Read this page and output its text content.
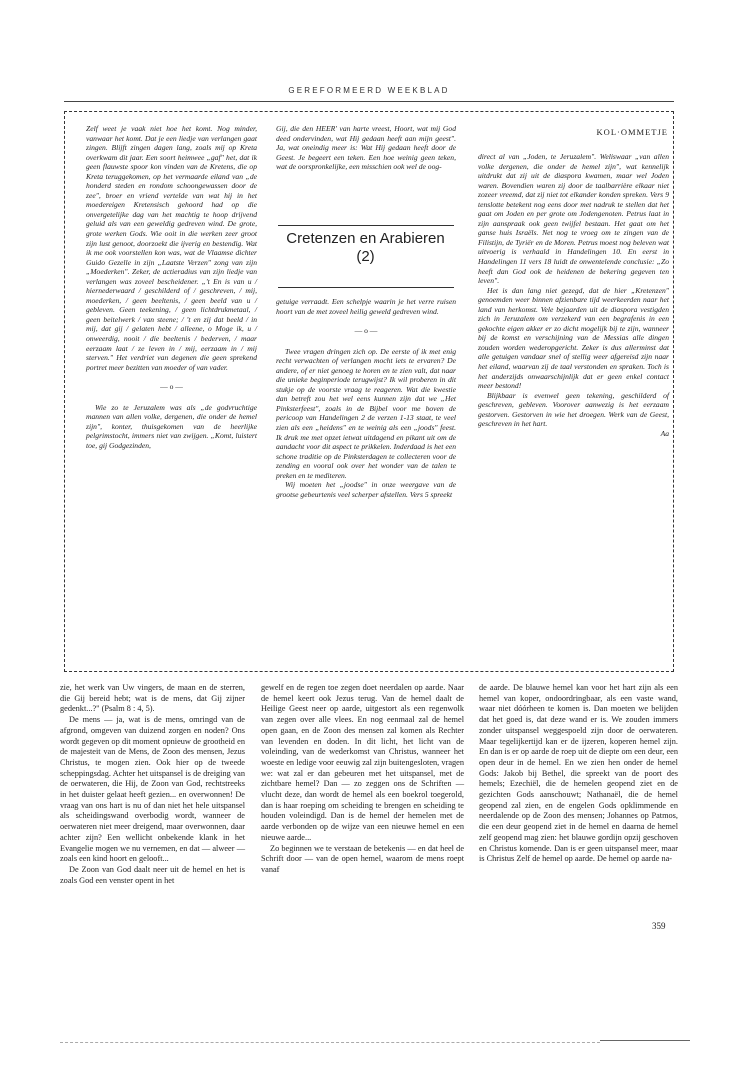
GEREFORMEERD WEEKBLAD
KOL·OMMETJE

Zelf weet je vaak niet hoe het komt. Nog minder, vanwaar het komt. Dat je een liedje van verlangen gaat zingen. Blijft zingen dagen lang, zoals mij op Kreta overkwam dit jaar. Een soort heimwee „gaf" het, dat ik geen flauwste spoor kon vinden van de Kretens, die op Kreta teruggekomen, op het vermaarde eiland van „de honderd steden en rondom schoongewassen door de zee", broer en vriend vertelde van wat hij in het moedereigen Kretensisch gehoord had op die onvergetelijke dag van het machtig te hoop drijvend geluid als van een geweldig gedreven wind. De grote, grote werken Gods. Wie ooit in die werken zeer groot zijn lust genoot, doorzoekt die ijverig en bestendig. Wat ik me ook voorstellen kon was, wat de Vlaamse dichter Guido Gezelle in zijn „Laatste Verzen" zong van zijn „Moederken". Zeker, de actieradius van zijn liedje van verlangen was zoveel bescheidener. „'t En is van u / hiernederwaard / geschilderd of / geschreven, / mij, moederken, / geen beeltenis, / geen beeld van u / gebleven. Geen teekening, / geen lichtdrukmetaal, / geen beitelwerk / van steene; / 't en zij dat beeld / in mij, dat gij / gelaten hebt / alleene, o Moge ik, u / onweerdig, nooit / die beeltenis / bederven, / maar eerzaam laat / ze leven in / mij, eerzaam in / mij sterven." Het verdriet van degenen die geen sprekend portret meer bezitten van moeder of van vader.

— o —

Wie zo te Jeruzalem was als „de godvruchtige mannen van allen volke, dergenen, die onder de hemel zijn", konter, thuisgekomen van de heerlijke pelgrimstocht, immers niet van zwijgen. „Komt, luistert toe, gij Godgezinden,

Gij, die den HEER' van harte vreest, Hoort, wat mij God deed ondervinden, wat Hij gedaan heeft aan mijn geest". Ja, wat oneindig meer is: Wat Hij gedaan heeft door de Geest. Je begeert een teken. Een hoe weinig geen teken, wat de oorspronkelijke, een misschien ook wel de oog-

Cretenzen en Arabieren
(2)

getuige verraadt. Een schelpje waarin je het verre ruisen hoort van de met zoveel heilig geweld gedreven wind.

— o —

Twee vragen dringen zich op. De eerste of ik met enig recht verwachten of verlangen mocht iets te ervaren? De andere, of er niet genoeg te horen en te zien valt, dat naar die unieke beginperiode terugwijst? Ik wil proberen in dit stukje op de voorste vraag te reageren. Wat die kwestie dan betreft zou het wel eens kunnen zijn dat we „Het Pinksterfeest", zoals in de Bijbel voor me boven de pericoop van Handelingen 2 de verzen 1-13 staat, te veel zien als een „heidens" en te weinig als een „joods" feest. Ik druk me met opzet ietwat uitdagend en pikant uit om de aandacht voor dit aspect te prikkelen. Inderdaad is het een schone traditie op de Pinksterdagen te collecteren voor de zending en vooral ook over het wonder van de talen te preken en te mediteren.

Wij moeten het „joodse" in onze weergave van de grootse gebeurtenis veel scherper afstellen. Vers 5 spreekt

direct al van „Joden, te Jeruzalem". Weliswaar „van allen volke dergenen, die onder de hemel zijn", wat kennelijk uitdrukt dat zij uit de diaspora kwamen, maar wel Joden waren. Bovendien waren zij door de taalbarrière elkaar niet zozeer vreemd, dat zij niet tot elkander konden spreken. Vers 9 tenslotte betekent nog eens door met nadruk te stellen dat het gaat om Joden en per grote om Jodengenoten. Petrus laat in zijn aanspraak ook geen twijfel bestaan. Het gaat om het ganse huis Israëls. Net nog te vroeg om te zingen van de Filistijn, de Tyriër en de Moren. Petrus moest nog beleven wat uitvoerig is verhaald in Handelingen 10. En eerst in Handelingen 11 vers 18 luidt de onwentelende conclusie: „Zo heeft dan God ook de heidenen de bekering gegeven ten leven".

Het is dan lang niet gezegd, dat de hier „Kretenzen" genoemden weer binnen afzienbare tijd weerkeerden naar het land van herkomst. Vele bejaarden uit de diaspora vestigden zich in Jeruzalem om verzekerd van een begrafenis in een gekochte eigen akker er zo dicht mogelijk bij te zijn, wanneer bij de komst en verschijning van de Messias alle dingen zouden worden wederopgericht. Zeker is dus allerminst dat alle getuigen vandaar snel of stellig weer afgereisd zijn naar het eiland, waarvan zij de taal verstonden en spraken. Toch is het anderzijds onwaarschijnlijk dat er geen enkel contact meer bestond!

Blijkbaar is evenwel geen tekening, geschilderd of geschreven, gebleven. Voorover aanwezig is het eerzaam gestorven. Gestorven in wie het droegen. Werk van de Geest, geschreven in het hart.

Aa

zie, het werk van Uw vingers, de maan en de sterren, die Gij bereid hebt; wat is de mens, dat Gij zijner gedenkt...?" (Psalm 8 : 4, 5).

De mens — ja, wat is de mens, omringd van de afgrond, omgeven van duizend zorgen en noden? Ons wordt gegeven op dit moment opnieuw de grootheid en de majesteit van de Mens, de Zoon des mensen, Jezus Christus, te mogen zien. Ook hier op de tweede scheppingsdag. Achter het uitspansel is de dreiging van de oerwateren, die Hij, de Zoon van God, rechtstreeks in het duister gelaat heeft gezien... en overwonnen! De vraag van ons hart is nu of dan niet het hele uitspansel als scheidingswand overbodig wordt, wanneer de oerwateren niet meer dreigend, maar overwonnen, daar achter zijn? Een wellicht onbekende klank in het Evangelie mogen we nu vernemen, en dat — alweer — zoals een kind hoort en gelooft...

De Zoon van God daalt neer uit de hemel en het is zoals God een venster opent in het

gewelf en de regen toe zegen doet neerdalen op aarde. Naar de hemel keert ook Jezus terug. Van de hemel daalt de Heilige Geest neer op aarde, uitgestort als een regenwolk van zegen over alle vlees. En nog eenmaal zal de hemel open gaan, en de Zoon des mensen zal komen als Rechter van levenden en doden. In dit licht, het licht van de voleinding, van de wederkomst van Christus, wanneer het woeste en ledige voor eeuwig zal zijn buitengesloten, vragen we: wat zal er dan gebeuren met het uitspansel, met de zichtbare hemel? Dan — zo zeggen ons de Schriften — vlucht deze, dan wordt de hemel als een boekrol toegerold, dan is haar roeping om scheiding te brengen en scheiding te houden voleindigd. Dan is de hemel der hemelen met de aarde verbonden op de wijze van een nieuwe hemel en een nieuwe aarde...

Zo beginnen we te verstaan de betekenis — en dat heel de Schrift door — van de open hemel, waarom de mens roept vanaf

de aarde. De blauwe hemel kan voor het hart zijn als een hemel van koper, ondoordringbaar, als een vaste wand, waar niet dóórheen te komen is. Dan moeten we belijden dat het goed is, dat deze wand er is. We zouden immers zonder uitspansel weggespoeld zijn door de oerwateren. Maar tegelijkertijd kan er de ijzeren, koperen hemel zijn. En dan is er op aarde de roep uit de diepte om een deur, een open deur in de hemel. En we zien hen onder de hemel Gods: Jakob bij Bethel, die spreekt van de poort des hemels; Ezechiël, die de hemelen geopend ziet en de gezichten Gods aanschouwt; Nathanaël, die de hemel geopend zal zien, en de engelen Gods opklimmende en neerdalende op de Zoon des mensen; Johannes op Patmos, die een deur geopend ziet in de hemel en daarna de hemel zelf geopend mag zien: het blauwe gordijn opzij geschoven en Christus komende. Dan is er geen uitspansel meer, maar is Christus Zelf de hemel op aarde. De hemel op aarde na-

359
